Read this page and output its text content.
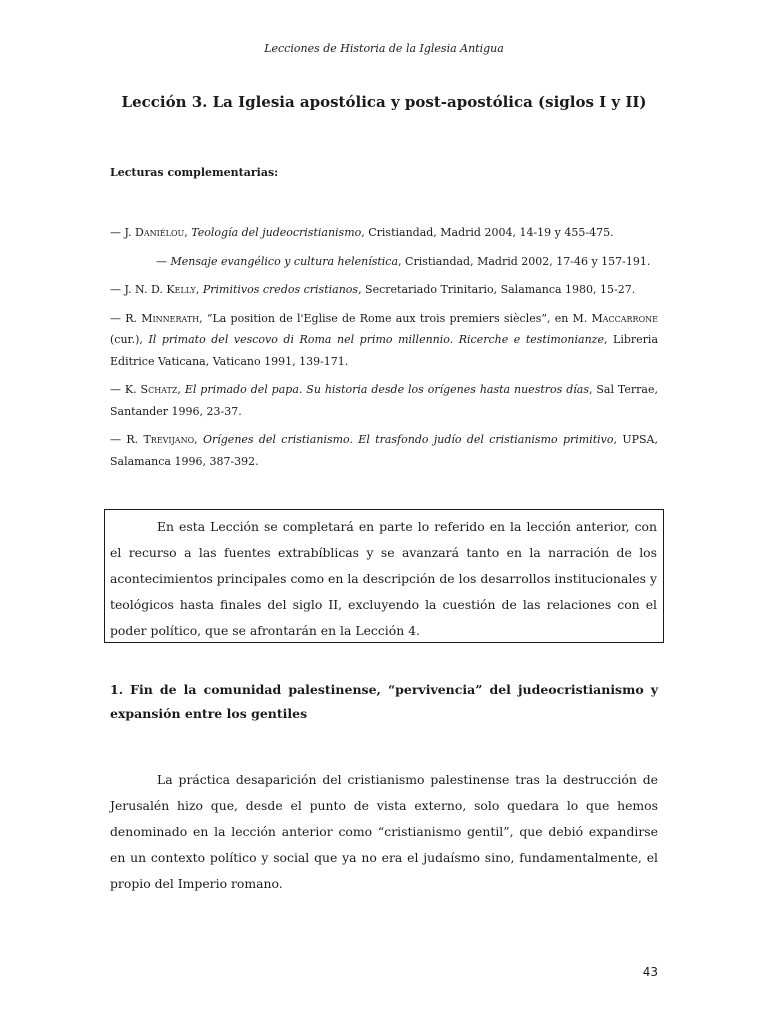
Lecciones de Historia de la Iglesia Antigua
Lección 3. La Iglesia apostólica y post-apostólica (siglos I y II)
Lecturas complementarias:

— J. Daniélou, Teología del judeocristianismo, Cristiandad, Madrid 2004, 14-19 y 455-475.

— Mensaje evangélico y cultura helenística, Cristiandad, Madrid 2002, 17-46 y 157-191.

— J. N. D. Kelly, Primitivos credos cristianos, Secretariado Trinitario, Salamanca 1980, 15-27.

— R. Minnerath, “La position de l'Eglise de Rome aux trois premiers siècles”, en M. Maccarrone (cur.), Il primato del vescovo di Roma nel primo millennio. Ricerche e testimonianze, Libreria Editrice Vaticana, Vaticano 1991, 139-171.

— K. Schatz, El primado del papa. Su historia desde los orígenes hasta nuestros días, Sal Terrae, Santander 1996, 23-37.

— R. Trevijano, Orígenes del cristianismo. El trasfondo judío del cristianismo primitivo, UPSA, Salamanca 1996, 387-392.

En esta Lección se completará en parte lo referido en la lección anterior, con el recurso a las fuentes extrabíblicas y se avanzará tanto en la narración de los acontecimientos principales como en la descripción de los desarrollos institucionales y teológicos hasta finales del siglo II, excluyendo la cuestión de las relaciones con el poder político, que se afrontarán en la Lección 4.

1. Fin de la comunidad palestinense, “pervivencia” del judeocristianismo y expansión entre los gentiles

La práctica desaparición del cristianismo palestinense tras la destrucción de Jerusalén hizo que, desde el punto de vista externo, solo quedara lo que hemos denominado en la lección anterior como “cristianismo gentil”, que debió expandirse en un contexto político y social que ya no era el judaísmo sino, fundamentalmente, el propio del Imperio romano.

43
